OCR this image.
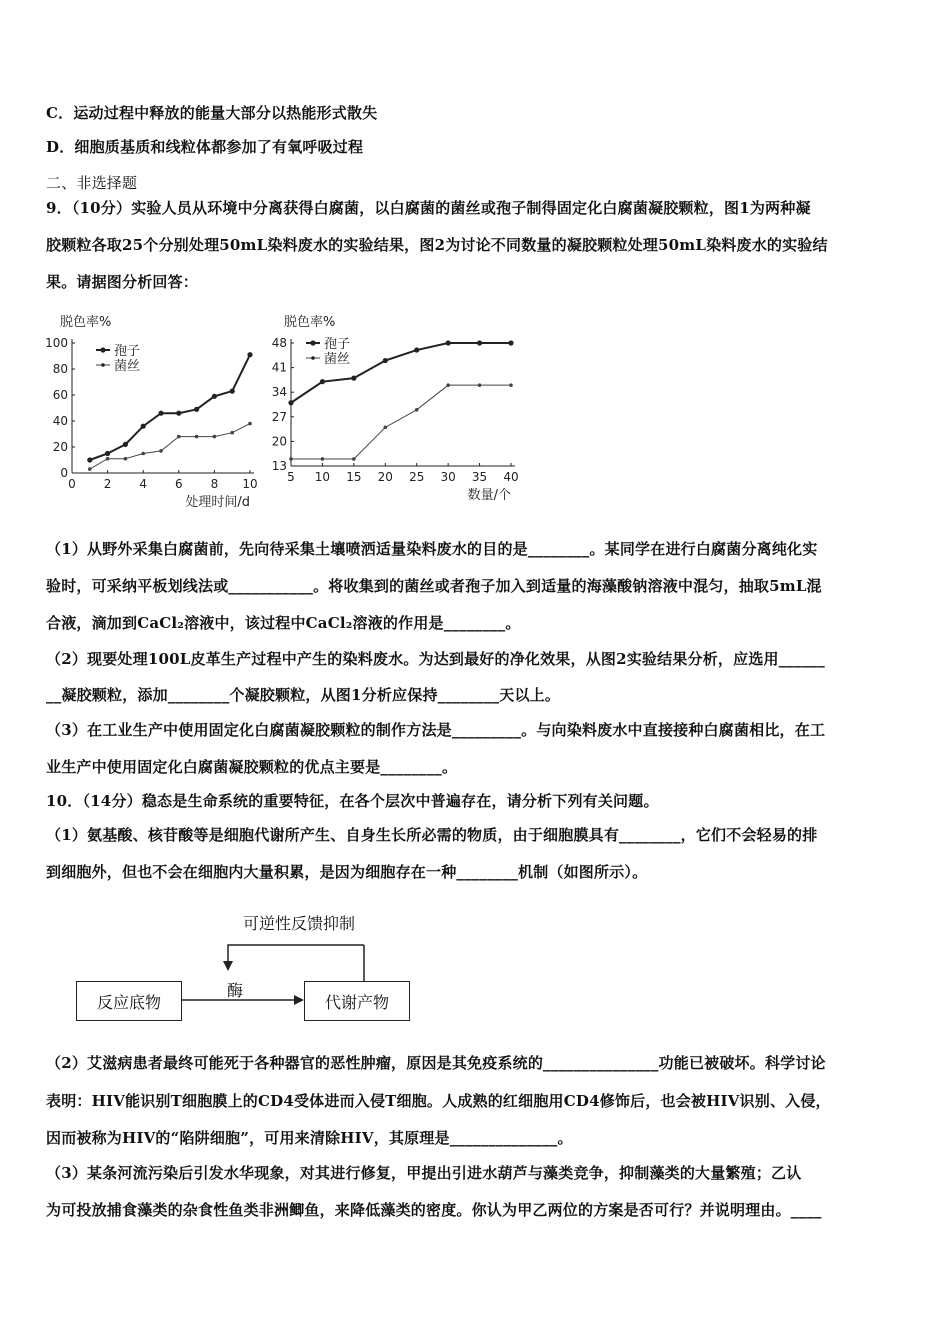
C．运动过程中释放的能量大部分以热能形式散失
D．细胞质基质和线粒体都参加了有氧呼吸过程
二、非选择题
9．（10分）实验人员从环境中分离获得白腐菌，以白腐菌的菌丝或孢子制得固定化白腐菌凝胶颗粒，图1为两种凝
胶颗粒各取25个分别处理50mL染料废水的实验结果，图2为讨论不同数量的凝胶颗粒处理50mL染料废水的实验结
果。请据图分析回答：
脱色率%
处理时间/d
0
20
40
60
80
100
0 2 4 6 8 10
孢子
菌丝
脱色率%
数量/个
13
20
27
34
41
48
5 10 15 20 25 30 35 40
孢子
菌丝
（1）从野外采集白腐菌前，先向待采集土壤喷洒适量染料废水的目的是________。某同学在进行白腐菌分离纯化实
验时，可采纳平板划线法或___________。将收集到的菌丝或者孢子加入到适量的海藻酸钠溶液中混匀，抽取5mL混
合液，滴加到CaCl₂溶液中，该过程中CaCl₂溶液的作用是________。
（2）现要处理100L皮革生产过程中产生的染料废水。为达到最好的净化效果，从图2实验结果分析，应选用______
__凝胶颗粒，添加________个凝胶颗粒，从图1分析应保持________天以上。
（3）在工业生产中使用固定化白腐菌凝胶颗粒的制作方法是_________。与向染料废水中直接接种白腐菌相比，在工
业生产中使用固定化白腐菌凝胶颗粒的优点主要是________。
10．（14分）稳态是生命系统的重要特征，在各个层次中普遍存在，请分析下列有关问题。
（1）氨基酸、核苷酸等是细胞代谢所产生、自身生长所必需的物质，由于细胞膜具有________，它们不会轻易的排
到细胞外，但也不会在细胞内大量积累，是因为细胞存在一种________机制（如图所示）。
可逆性反馈抑制
酶
反应底物	代谢产物
（2）艾滋病患者最终可能死于各种器官的恶性肿瘤，原因是其免疫系统的_______________功能已被破坏。科学讨论
表明：HIV能识别T细胞膜上的CD4受体进而入侵T细胞。人成熟的红细胞用CD4修饰后，也会被HIV识别、入侵，
因而被称为HIV的“陷阱细胞”，可用来清除HIV，其原理是______________。
（3）某条河流污染后引发水华现象，对其进行修复，甲提出引进水葫芦与藻类竞争，抑制藻类的大量繁殖；乙认
为可投放捕食藻类的杂食性鱼类非洲鲫鱼，来降低藻类的密度。你认为甲乙两位的方案是否可行？并说明理由。____
